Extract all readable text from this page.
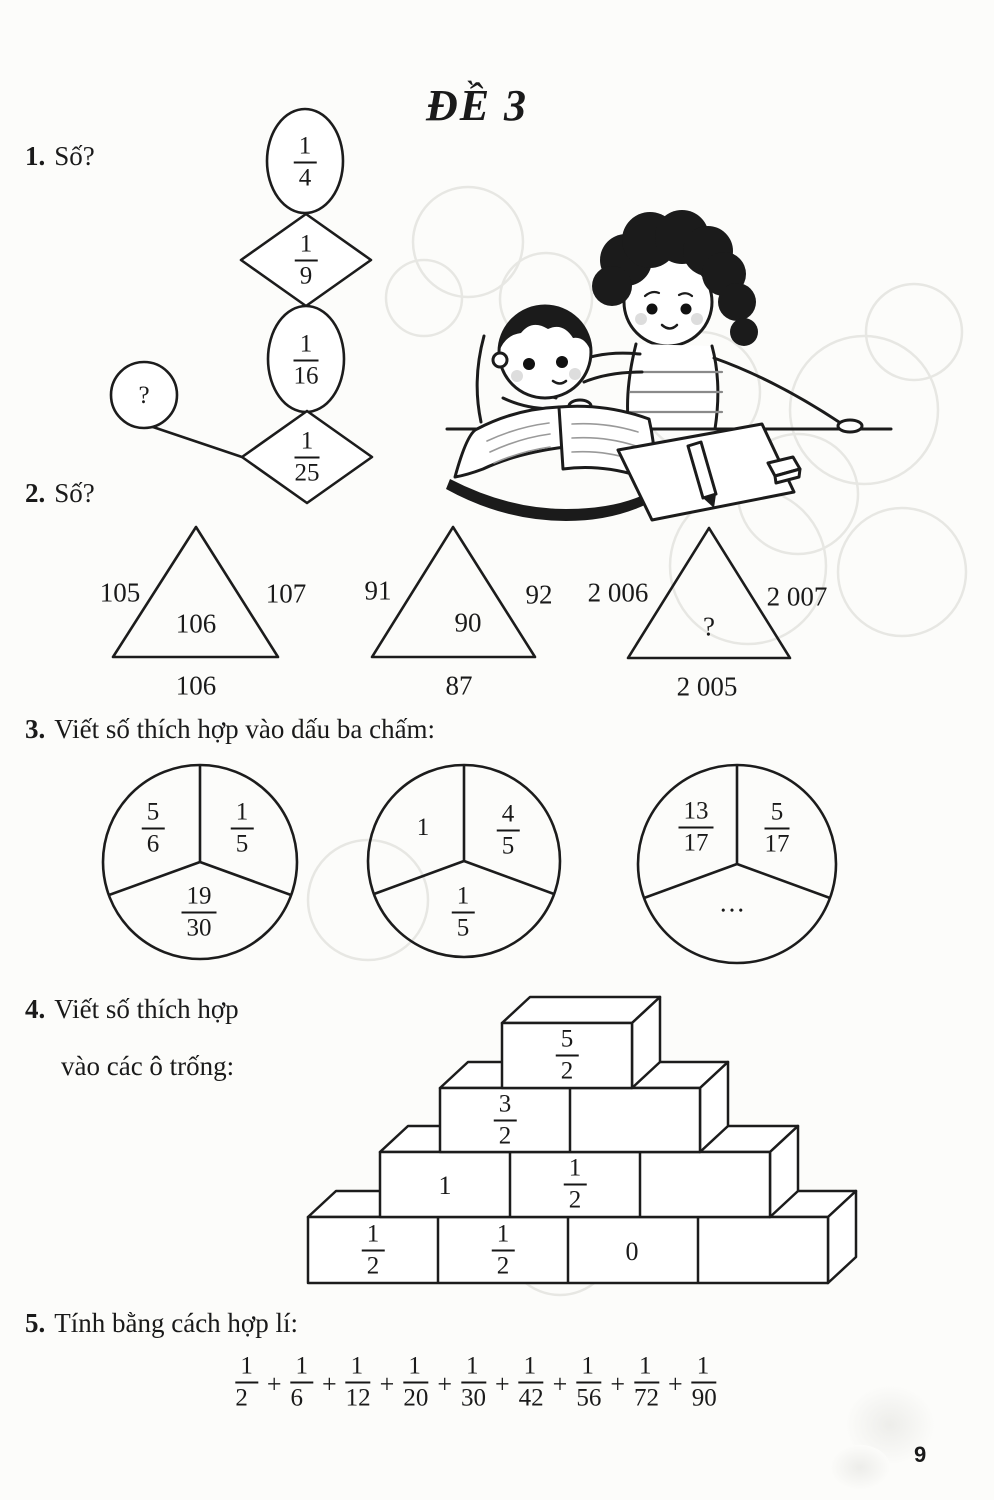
ĐỀ 3
1. Số?
2. Số?
3. Viết số thích hợp vào dấu ba chấm:
4. Viết số thích hợp
vào các ô trống:
5. Tính bằng cách hợp lí:
$\frac{1}{4}$
$\frac{1}{9}$
$\frac{1}{16}$
$\frac{1}{25}$
?
105	107
106
106
91	92
90
87
2 006	2 007
?
2 005
$\frac{5}{6}$	$\frac{1}{5}$
$\frac{19}{30}$
1	$\frac{4}{5}$
$\frac{1}{5}$
$\frac{13}{17} \frac{5}{17}$
...
$\frac{5}{2}$
$\frac{3}{2}$
1	$\frac{1}{2}$
$\frac{1}{2}$	$\frac{1}{2}$	0
$\frac{1}{2} + \frac{1}{6} + \frac{1}{12} + \frac{1}{20} + \frac{1}{30} + \frac{1}{42} + \frac{1}{56} + \frac{1}{72} + \frac{1}{90}$
9
